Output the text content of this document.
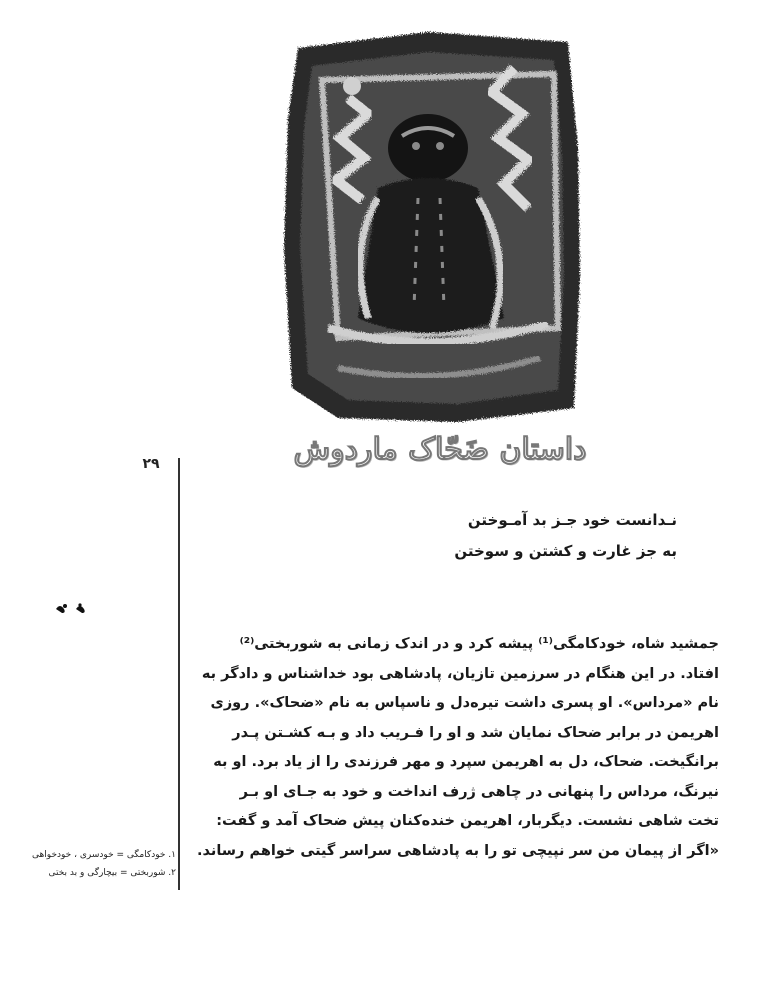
داستان ضَحّاک ماردوش
۲۹
نـدانست خود جـز بد آمـوختن
به جز غارت و کشتن و سوختن
جمشید شاه، خودکامگی⁽¹⁾ پیشه کرد و در اندک زمانی به شوربختی⁽²⁾
افتاد. در این هنگام در سرزمین تازیان، پادشاهی بود خداشناس و دادگر به
نام «مرداس». او پسری داشت تیره‌دل و ناسپاس به نام «ضحاک». روزی
اهریمن در برابر ضحاک نمایان شد و او را فـریب داد و بـه کشـتن پـدر
برانگیخت. ضحاک، دل به اهریمن سپرد و مهر فرزندی را از یاد برد. او به
نیرنگ، مرداس را پنهانی در چاهی ژرف انداخت و خود به جـای او بـر
تخت شاهی نشست. دیگربار، اهریمن خنده‌کنان پیش ضحاک آمد و گفت:
«اگر از پیمان من سر نپیچی تو را به پادشاهی سراسر گیتی خواهم رساند.
۱. خودکامگی = خودسری ، خودخواهی
۲. شوربختی = بیچارگی و بد بختی
